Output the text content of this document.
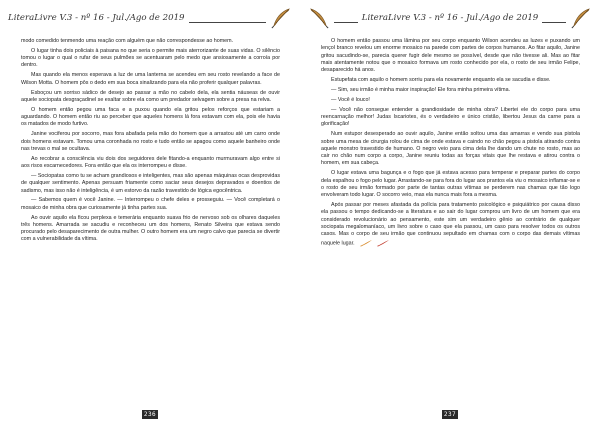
LiteraLivre V.3 - nº 16 - Jul./Ago de 2019

modo comedido tenmendo uma reação com alguém que não correspondesse ao homem.

O lugar tinha dois policiais à paisana no que seria o permite mais aterrorizante de suas vidas. O silêncio tomou o lugar o qual o rufar de seus pulmões se acentuaram pelo medo que ansiosamente a corroía por dentro.

Mas quando ela menos esperava a luz de uma lanterna se acendeu em seu rosto revelando a face de Wilson Motta. O homem pôs o dedo em sua boca sinalizando para ela não proferir qualquer palavras.

Esboçou um sorriso sádico de desejo ao passar a mão no cabelo dela, ela sentia náuseas de ouvir aquele sociopata desgraçadinel se exaltar sobre ela como um predador selvagem sobre a presa na relva.

O homem então pegou uma faca e a puxou quando ela gritou pelos reforços que estariam a aguardando. O homem então riu ao perceber que aqueles homens lá fora estavam com ela, pois ele havia os matados de modo furtivo.

Janine vociferou por socorro, mas fora abafada pela mão do homem que a arrastou até um carro onde dois homens estavam. Tomou uma coronhada no rosto e tudo então se apagou como aquele banheiro onde nas trevas o mal se ocultava.

Ao recobrar a consciência viu dois dos seguidores dele fitando-a enquanto murmuravam algo entre si aos risos escarnecedores. Fora então que ela os interrompeu e disse.

— Sociopatas como tu se acham grandiosos e inteligentes, mas são apenas máquinas ocas desprovidas de qualquer sentimento. Apenas persuam friamente como saciar seus desejos depravados e doentios de sadismo, mas isso não é inteligência, é um estorvo da razão travestido de lógica egocêntrica.

— Sabemos quem é você Janine. — Interrompeu o chefe deles e prosseguiu. — Você completará o mosaico de minha obra que curiosamente já tinha partes sua.

Ao ouvir aquilo ela ficou perplexa e temerária enquanto suava frio de nervoso sob os olhares daqueles três homens. Amarrada se sacudiu e reconheceu um dos homens, Renato Silveira que estava sendo procurado pelo desaparecimento de outra mulher. O outro homem era um negro calvo que parecia se divertir com a vulnerabilidade da vítima.

236
LiteraLivre V.3 - nº 16 - Jul./Ago de 2019

O homem então passou uma lâmina por seu corpo enquanto Wilson acendeu as luzes e puxando um lençol branco revelou um enorme mosaico na parede com partes de corpos humanos. Ao fitar aquilo, Janine gritou sacudindo-se, parecia querer fugir dele mesmo se possível, desde que não tivesse ali. Mas ao fitar mais atentamente notou que o mosaico formava um rosto conhecido por ela, o rosto de seu irmão Felipe, desaparecido há anos.

Estupefata com aquilo o homem sorriu para ela novamente enquanto ela se sacudia e disse.

— Sim, seu irmão é minha maior inspiração! Ele fora minha primeira vítima.

— Você é louco!

— Você não consegue entender a grandiosidade de minha obra? Libertei ele do corpo para uma reencarnação melhor! Judas Iscariotes, és o verdadeiro e único cristão, libertou Jesus da carne para a glorificação!

Num estupor desesperado ao ouvir aquilo, Janine então soltou uma das amarras e vendo sua pistola sobre uma mesa de cirurgia rolou de cima de onde estava e caindo no chão pegou a pistola atirando contra aquele monstro travestido de humano. O negro veio para cima dela lhe dando um chute no rosto, mas ao cair no chão num corpo a corpo, Janine reuniu todas as forças vitais que lhe restava e atirou contra o homem, em sua cabeça.

O lugar estava uma bagunça e o fogo que já estava acesso para temperar e preparar partes do corpo dela espalhou o fogo pelo lugar. Arrastando-se para fora do lugar aos prantos ela viu o mosaico inflamar-se e o rosto de seu irmão formado por parte de tantas outras vítimas se perderem nas chamas que tão logo envolveram todo lugar. O socorro veio, mas ela nunca mais fora a mesma.

Após passar por meses afastada da polícia para tratamento psicológico e psiquiátrico por causa disso ela passou o tempo dedicando-se a literatura e ao sair do lugar comprou um livro de um homem que era considerado revolucionário ao pensamento, este sim um verdadeiro gênio ao contrário de qualquer sociopata megalomaníaco, um livro sobre o caso que ela passou, um caso para resolver todos os outros casos. Mas o corpo de seu irmão que continuou sepultado em chamas com o corpo das demais vítimas naquele lugar.

237
